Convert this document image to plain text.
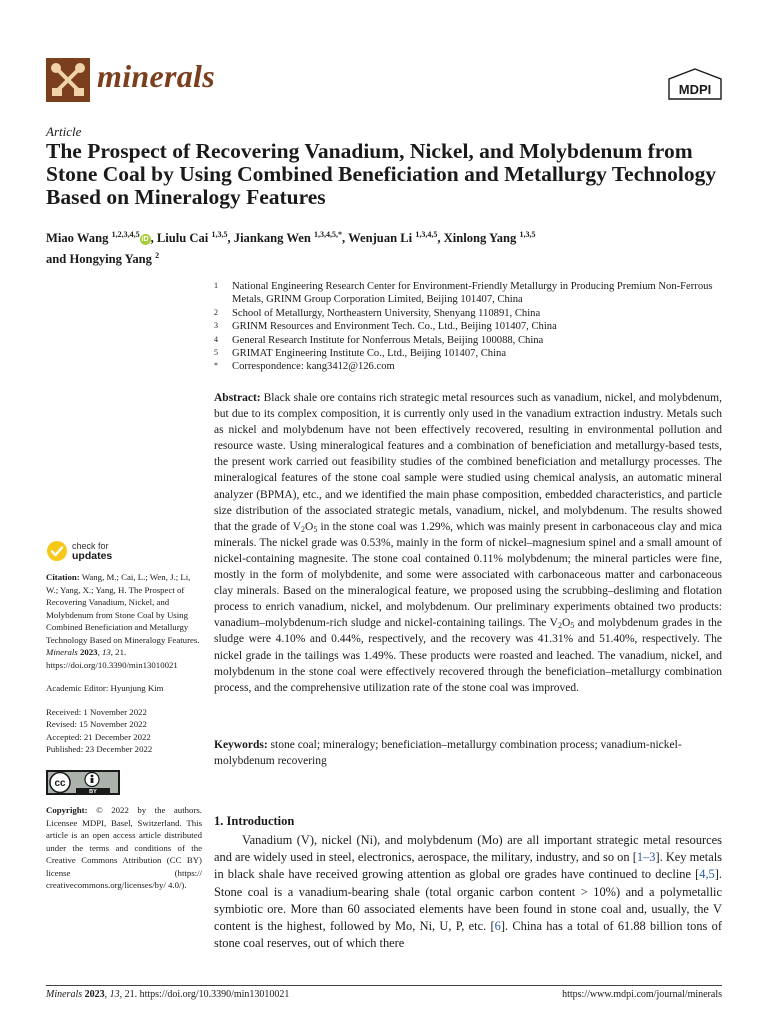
minerals	MDPI
Article
The Prospect of Recovering Vanadium, Nickel, and Molybdenum from Stone Coal by Using Combined Beneficiation and Metallurgy Technology Based on Mineralogy Features
Miao Wang $^{1,2,3,4,5}$iD , Liulu Cai $^{1,3,5}$, Jiankang Wen $^{1,3,4,5,*}$, Wenjuan Li $^{1,3,4,5}$, Xinlong Yang $^{1,3,5}$
and Hongying Yang $^2$
1	National Engineering Research Center for Environment-Friendly Metallurgy in Producing Premium Non-Ferrous Metals, GRINM Group Corporation Limited, Beijing 101407, China
2	School of Metallurgy, Northeastern University, Shenyang 110891, China
3	GRINM Resources and Environment Tech. Co., Ltd., Beijing 101407, China
4	General Research Institute for Nonferrous Metals, Beijing 100088, China
5	GRIMAT Engineering Institute Co., Ltd., Beijing 101407, China
*	Correspondence: kang3412@126.com
Abstract: Black shale ore contains rich strategic metal resources such as vanadium, nickel, and molybdenum, but due to its complex composition, it is currently only used in the vanadium extraction industry. Metals such as nickel and molybdenum have not been effectively recovered, resulting in environmental pollution and resource waste. Using mineralogical features and a combination of beneficiation and metallurgy-based tests, the present work carried out feasibility studies of the combined beneficiation and metallurgy processes. The mineralogical features of the stone coal sample were studied using chemical analysis, an automatic mineral analyzer (BPMA), etc., and we identified the main phase composition, embedded characteristics, and particle size distribution of the associated strategic metals, vanadium, nickel, and molybdenum. The results showed that the grade of $V_2O_5$ in the stone coal was 1.29%, which was mainly present in carbonaceous clay and mica minerals. The nickel grade was 0.53%, mainly in the form of nickel–magnesium spinel and a small amount of nickel-containing magnesite. The stone coal contained 0.11% molybdenum; the mineral particles were fine, mostly in the form of molybdenite, and some were associated with carbonaceous matter and carbonaceous clay minerals. Based on the mineralogical feature, we proposed using the scrubbing–desliming and flotation process to enrich vanadium, nickel, and molybdenum. Our preliminary experiments obtained two products: vanadium–molybdenum-rich sludge and nickel-containing tailings. The $V_2O_5$ and molybdenum grades in the sludge were 4.10% and 0.44%, respectively, and the recovery was 41.31% and 51.40%, respectively. The nickel grade in the tailings was 1.49%. These products were roasted and leached. The vanadium, nickel, and molybdenum in the stone coal were effectively recovered through the beneficiation–metallurgy combination process, and the comprehensive utilization rate of the stone coal was improved.
Keywords: stone coal; mineralogy; beneficiation–metallurgy combination process; vanadium-nickel-molybdenum recovering
check for
updates
Citation: Wang, M.; Cai, L.; Wen, J.; Li, W.; Yang, X.; Yang, H. The Prospect of Recovering Vanadium, Nickel, and Molybdenum from Stone Coal by Using Combined Beneficiation and Metallurgy Technology Based on Mineralogy Features. Minerals 2023, 13, 21. https://doi.org/10.3390/min13010021
Academic Editor: Hyunjung Kim
Received: 1 November 2022
Revised: 15 November 2022
Accepted: 21 December 2022
Published: 23 December 2022
cc
BY
Copyright: © 2022 by the authors. Licensee MDPI, Basel, Switzerland. This article is an open access article distributed under the terms and conditions of the Creative Commons Attribution (CC BY) license (https:// creativecommons.org/licenses/by/ 4.0/).
1. Introduction
Vanadium (V), nickel (Ni), and molybdenum (Mo) are all important strategic metal resources and are widely used in steel, electronics, aerospace, the military, industry, and so on [1–3]. Key metals in black shale have received growing attention as global ore grades have continued to decline [4,5]. Stone coal is a vanadium-bearing shale (total organic carbon content > 10%) and a polymetallic symbiotic ore. More than 60 associated elements have been found in stone coal and, usually, the V content is the highest, followed by Mo, Ni, U, P, etc. [6]. China has a total of 61.88 billion tons of stone coal reserves, out of which there
Minerals 2023, 13, 21. https://doi.org/10.3390/min13010021	https://www.mdpi.com/journal/minerals
